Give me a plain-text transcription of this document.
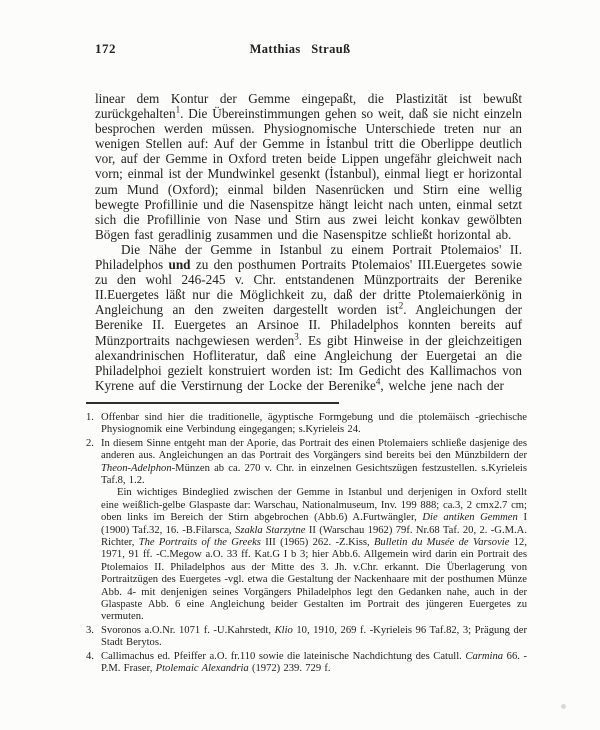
172	Matthias Strauß

linear dem Kontur der Gemme eingepaßt, die Plastizität ist bewußt zurückgehalten$^1$. Die Übereinstimmungen gehen so weit, daß sie nicht einzeln besprochen werden müssen. Physiognomische Unterschiede treten nur an wenigen Stellen auf: Auf der Gemme in İstanbul tritt die Oberlippe deutlich vor, auf der Gemme in Oxford treten beide Lippen ungefähr gleichweit nach vorn; einmal ist der Mundwinkel gesenkt (İstanbul), einmal liegt er horizontal zum Mund (Oxford); einmal bilden Nasenrücken und Stirn eine wellig bewegte Profillinie und die Nasenspitze hängt leicht nach unten, einmal setzt sich die Profillinie von Nase und Stirn aus zwei leicht konkav gewölbten Bögen fast geradlinig zusammen und die Nasenspitze schließt horizontal ab.

Die Nähe der Gemme in Istanbul zu einem Portrait Ptolemaios' II. Philadelphos und zu den posthumen Portraits Ptolemaios' III.Euergetes sowie zu den wohl 246-245 v. Chr. entstandenen Münzportraits der Berenike II.Euergetes läßt nur die Möglichkeit zu, daß der dritte Ptolemaierkönig in Angleichung an den zweiten dargestellt worden ist$^2$. Angleichungen der Berenike II. Euergetes an Arsinoe II. Philadelphos konnten bereits auf Münzportraits nachgewiesen werden$^3$. Es gibt Hinweise in der gleichzeitigen alexandrinischen Hofliteratur, daß eine Angleichung der Euergetai an die Philadelphoi gezielt konstruiert worden ist: Im Gedicht des Kallimachos von Kyrene auf die Verstirnung der Locke der Berenike$^4$, welche jene nach der

1. Offenbar sind hier die traditionelle, ägyptische Formgebung und die ptolemäisch -griechische Physiognomik eine Verbindung eingegangen; s.Kyrieleis 24.

2. In diesem Sinne entgeht man der Aporie, das Portrait des einen Ptolemaiers schließe dasjenige des anderen aus. Angleichungen an das Portrait des Vorgängers sind bereits bei den Münzbildern der Theon-Adelphon-Münzen ab ca. 270 v. Chr. in einzelnen Gesichtszügen festzustellen. s.Kyrieleis Taf.8, 1.2.

Ein wichtiges Bindeglied zwischen der Gemme in Istanbul und derjenigen in Oxford stellt eine weißlich-gelbe Glaspaste dar: Warschau, Nationalmuseum, Inv. 199 888; ca.3, 2 cmx2.7 cm; oben links im Bereich der Stirn abgebrochen (Abb.6) A.Furtwängler, Die antiken Gemmen I (1900) Taf.32, 16. -B.Filarsca, Szakla Starzytne II (Warschau 1962) 79f. Nr.68 Taf. 20, 2. -G.M.A. Richter, The Portraits of the Greeks III (1965) 262. -Z.Kiss, Bulletin du Musée de Varsovie 12, 1971, 91 ff. -C.Megow a.O. 33 ff. Kat.G I b 3; hier Abb.6. Allgemein wird darin ein Portrait des Ptolemaios II. Philadelphos aus der Mitte des 3. Jh. v.Chr. erkannt. Die Überlagerung von Portraitzügen des Euergetes -vgl. etwa die Gestaltung der Nackenhaare mit der posthumen Münze Abb. 4- mit denjenigen seines Vorgängers Philadelphos legt den Gedanken nahe, auch in der Glaspaste Abb. 6 eine Angleichung beider Gestalten im Portrait des jüngeren Euergetes zu vermuten.

3. Svoronos a.O.Nr. 1071 f. -U.Kahrstedt, Klio 10, 1910, 269 f. -Kyrieleis 96 Taf.82, 3; Prägung der Stadt Berytos.

4. Callimachus ed. Pfeiffer a.O. fr.110 sowie die lateinische Nachdichtung des Catull. Carmina 66. - P.M. Fraser, Ptolemaic Alexandria (1972) 239. 729 f.
